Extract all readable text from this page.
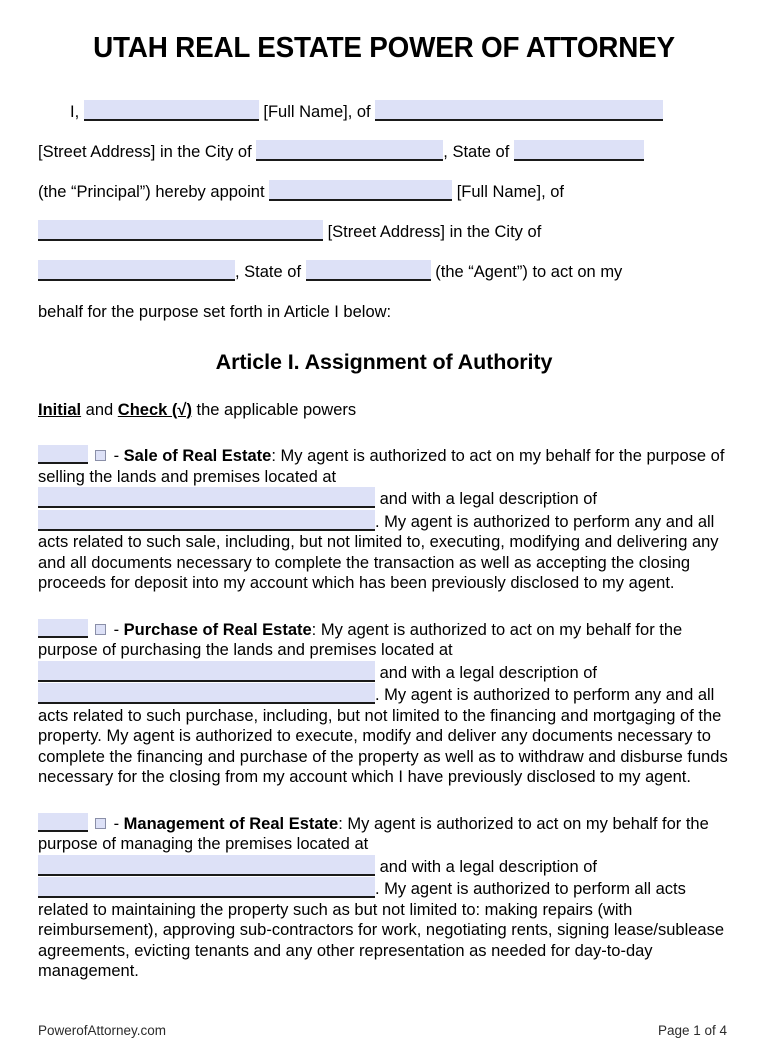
UTAH REAL ESTATE POWER OF ATTORNEY
I,	[Full Name], of
[Street Address] in the City of	, State of
(the “Principal”) hereby appoint	[Full Name], of
[Street Address] in the City of
, State of	(the “Agent”) to act on my
behalf for the purpose set forth in Article I below:
Article I. Assignment of Authority
Initial and Check (√) the applicable powers

- Sale of Real Estate: My agent is authorized to act on my behalf for the purpose of selling the lands and premises located at
and with a legal description of
. My agent is authorized to perform any and all acts related to such sale, including, but not limited to, executing, modifying and delivering any and all documents necessary to complete the transaction as well as accepting the closing proceeds for deposit into my account which has been previously disclosed to my agent.

- Purchase of Real Estate: My agent is authorized to act on my behalf for the purpose of purchasing the lands and premises located at
and with a legal description of
. My agent is authorized to perform any and all acts related to such purchase, including, but not limited to the financing and mortgaging of the property. My agent is authorized to execute, modify and deliver any documents necessary to complete the financing and purchase of the property as well as to withdraw and disburse funds necessary for the closing from my account which I have previously disclosed to my agent.

- Management of Real Estate: My agent is authorized to act on my behalf for the purpose of managing the premises located at
and with a legal description of
. My agent is authorized to perform all acts related to maintaining the property such as but not limited to: making repairs (with reimbursement), approving sub-contractors for work, negotiating rents, signing lease/sublease agreements, evicting tenants and any other representation as needed for day-to-day management.

PowerofAttorney.com	Page 1 of 4
